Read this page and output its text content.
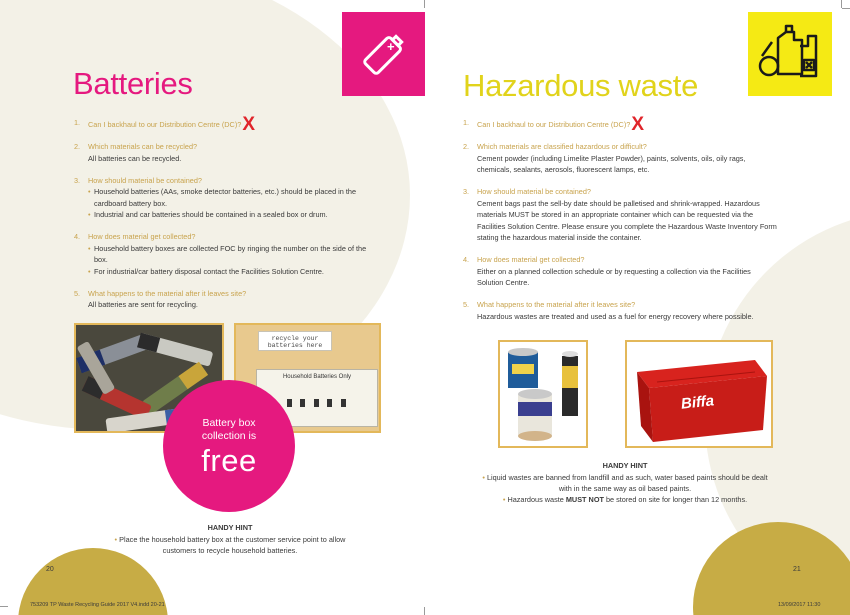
+
Batteries
1.	Can I backhaul to our Distribution Centre (DC)?X
2.	Which materials can be recycled?
All batteries can be recycled.
3.	How should material be contained?
• Household batteries (AAs, smoke detector batteries, etc.) should be placed in the cardboard battery box.
• Industrial and car batteries should be contained in a sealed box or drum.
4.	How does material get collected?
• Household battery boxes are collected FOC by ringing the number on the side of the box.
• For industrial/car battery disposal contact the Facilities Solution Centre.
5.	What happens to the material after it leaves site?
All batteries are sent for recycling.
recycle your batteries here
Household Batteries Only

Battery box
collection is
free
HANDY HINT
• Place the household battery box at the customer service point to allow customers to recycle household batteries.
20
753209 TP Waste Recycling Guide 2017 V4.indd 20-21
Hazardous waste
1.	Can I backhaul to our Distribution Centre (DC)?X
2.	Which materials are classified hazardous or difficult?
Cement powder (including Limelite Plaster Powder), paints, solvents, oils, oily rags, chemicals, sealants, aerosols, fluorescent lamps, etc.
3.	How should material be contained?
Cement bags past the sell-by date should be palletised and shrink-wrapped. Hazardous materials MUST be stored in an appropriate container which can be requested via the Facilities Solution Centre. Please ensure you complete the Hazardous Waste Inventory Form stating the hazardous material inside the container.
4.	How does material get collected?
Either on a planned collection schedule or by requesting a collection via the Facilities Solution Centre.
5.	What happens to the material after it leaves site?
Hazardous wastes are treated and used as a fuel for energy recovery where possible.
Biffa
HANDY HINT
• Liquid wastes are banned from landfill and as such, water based paints should be dealt with in the same way as oil based paints.
• Hazardous waste MUST NOT be stored on site for longer than 12 months.
21
13/09/2017 11:30
